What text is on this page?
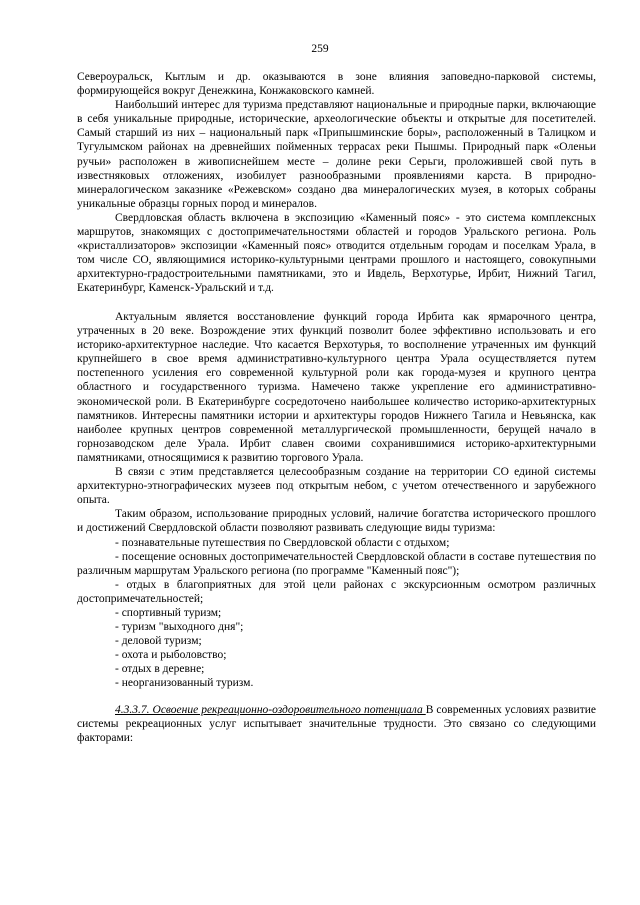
259

Североуральск, Кытлым и др. оказываются в зоне влияния заповедно-парковой системы, формирующейся вокруг Денежкина, Конжаковского камней.

Наибольший интерес для туризма представляют национальные и природные парки, включающие в себя уникальные природные, исторические, археологические объекты и открытые для посетителей. Самый старший из них – национальный парк «Припышминские боры», расположенный в Талицком и Тугулымском районах на древнейших пойменных террасах реки Пышмы. Природный парк «Оленьи ручьи» расположен в живописнейшем месте – долине реки Серьги, проложившей свой путь в известняковых отложениях, изобилует разнообразными проявлениями карста. В природно-минералогическом заказнике «Режевском» создано два минералогических музея, в которых собраны уникальные образцы горных пород и минералов.

Свердловская область включена в экспозицию «Каменный пояс» - это система комплексных маршрутов, знакомящих с достопримечательностями областей и городов Уральского региона. Роль «кристаллизаторов» экспозиции «Каменный пояс» отводится отдельным городам и поселкам Урала, в том числе СО, являющимися историко-культурными центрами прошлого и настоящего, совокупными архитектурно-градостроительными памятниками, это и Ивдель, Верхотурье, Ирбит, Нижний Тагил, Екатеринбург, Каменск-Уральский и т.д.

Актуальным является восстановление функций города Ирбита как ярмарочного центра, утраченных в 20 веке. Возрождение этих функций позволит более эффективно использовать и его историко-архитектурное наследие. Что касается Верхотурья, то восполнение утраченных им функций крупнейшего в свое время административно-культурного центра Урала осуществляется путем постепенного усиления его современной культурной роли как города-музея и крупного центра областного и государственного туризма. Намечено также укрепление его административно-экономической роли. В Екатеринбурге сосредоточено наибольшее количество историко-архитектурных памятников. Интересны памятники истории и архитектуры городов Нижнего Тагила и Невьянска, как наиболее крупных центров современной металлургической промышленности, берущей начало в горнозаводском деле Урала. Ирбит славен своими сохранившимися историко-архитектурными памятниками, относящимися к развитию торгового Урала.

В связи с этим представляется целесообразным создание на территории СО единой системы архитектурно-этнографических музеев под открытым небом, с учетом отечественного и зарубежного опыта.

Таким образом, использование природных условий, наличие богатства исторического прошлого и достижений Свердловской области позволяют развивать следующие виды туризма:

- познавательные путешествия по Свердловской области с отдыхом;

- посещение основных достопримечательностей Свердловской области в составе путешествия по различным маршрутам Уральского региона (по программе "Каменный пояс");

- отдых в благоприятных для этой цели районах с экскурсионным осмотром различных достопримечательностей;

- спортивный туризм;

- туризм "выходного дня";

- деловой туризм;

- охота и рыболовство;

- отдых в деревне;

- неорганизованный туризм.

4.3.3.7. Освоение рекреационно-оздоровительного потенциала В современных условиях развитие системы рекреационных услуг испытывает значительные трудности. Это связано со следующими факторами:
